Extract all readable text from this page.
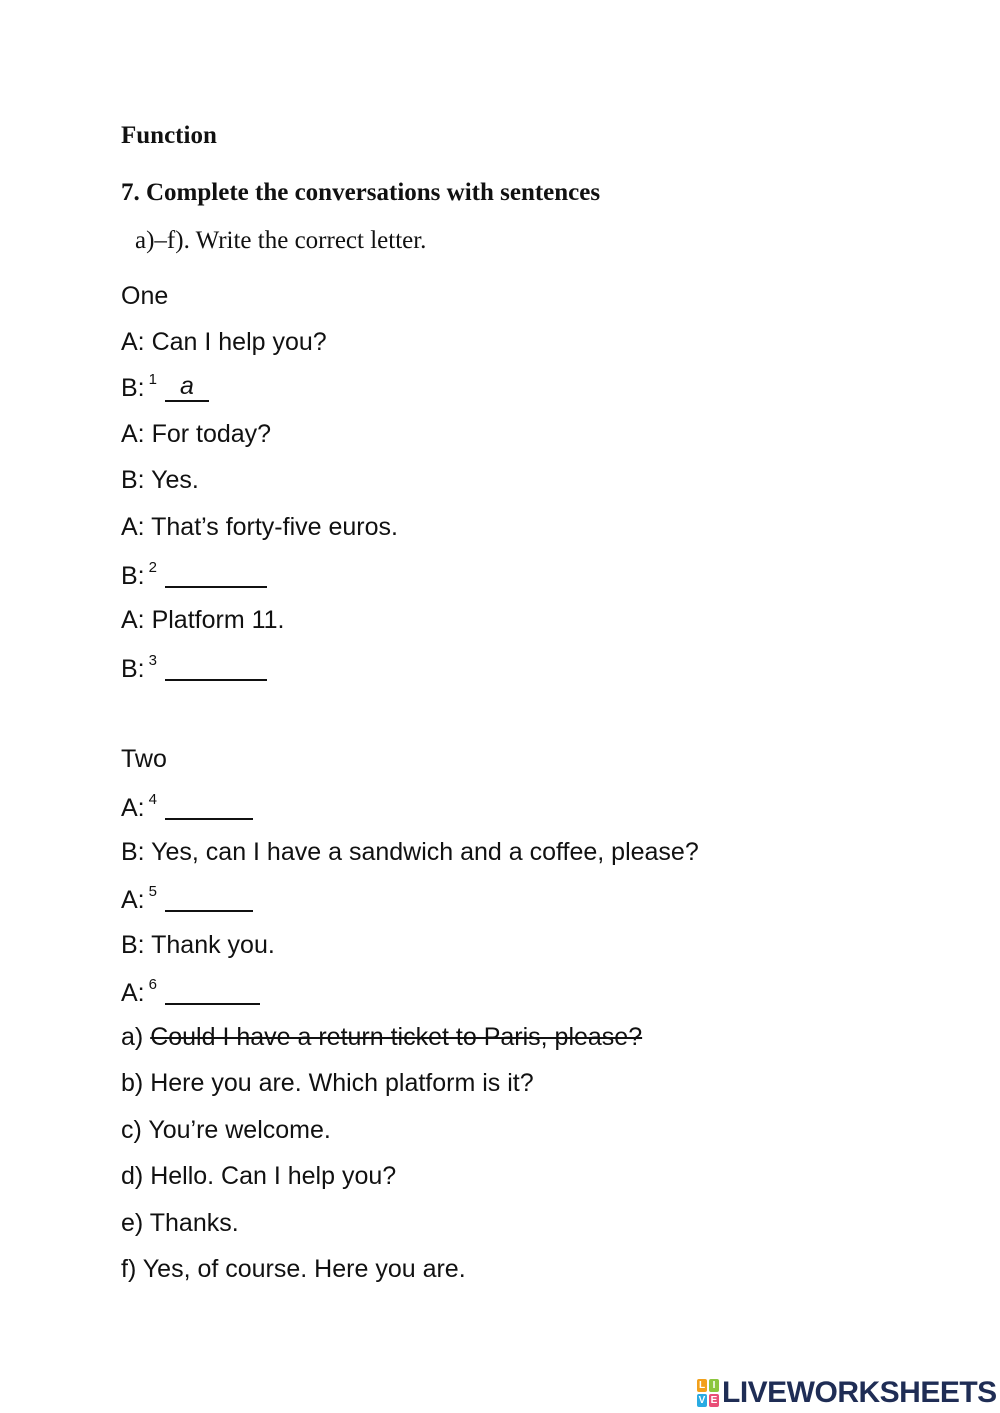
Function
7. Complete the conversations with sentences
a)–f). Write the correct letter.
One
A: Can I help you?
B: $^1$ a
A: For today?
B: Yes.
A: That’s forty-five euros.
B: $^2$
A: Platform 11.
B: $^3$
Two
A: $^4$
B: Yes, can I have a sandwich and a coffee, please?
A: $^5$
B: Thank you.
A: $^6$
a) Could I have a return ticket to Paris, please?
b) Here you are. Which platform is it?
c) You’re welcome.
d) Hello. Can I help you?
e) Thanks.
f) Yes, of course. Here you are.
L I
V E LIVEWORKSHEETS
